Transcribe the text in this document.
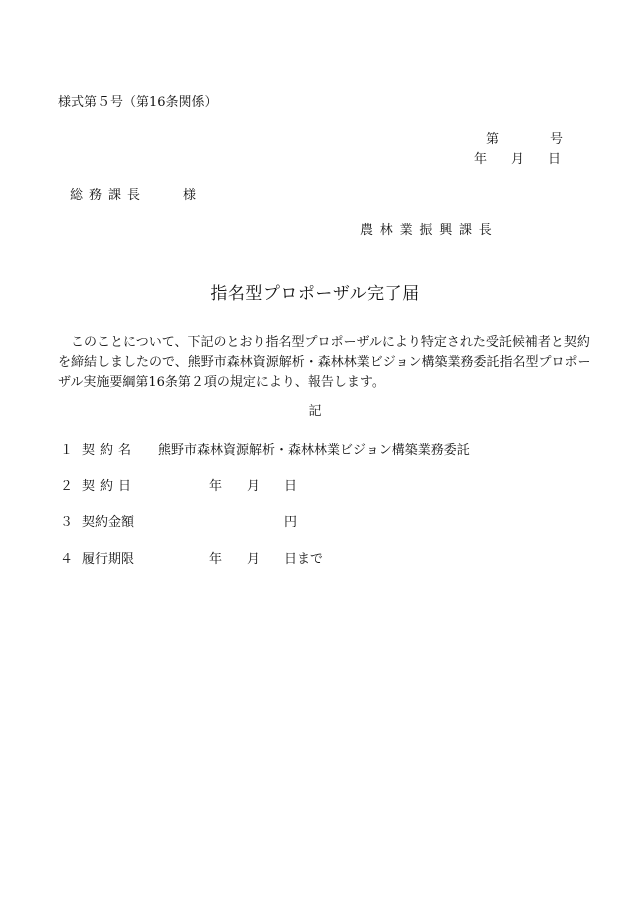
様式第５号（第16条関係）
第	号
年 月 日
総務課長	様
農林業振興課長
指名型プロポーザル完了届
このことについて、下記のとおり指名型プロポーザルにより特定された受託候補者と契約
を締結しましたので、熊野市森林資源解析・森林林業ビジョン構築業務委託指名型プロポー
ザル実施要綱第16条第２項の規定により、報告します。
記
１ 契約名 熊野市森林資源解析・森林林業ビジョン構築業務委託
２ 契約日	年 月 日
３ 契約金額	円
４ 履行期限	年 月 日まで
